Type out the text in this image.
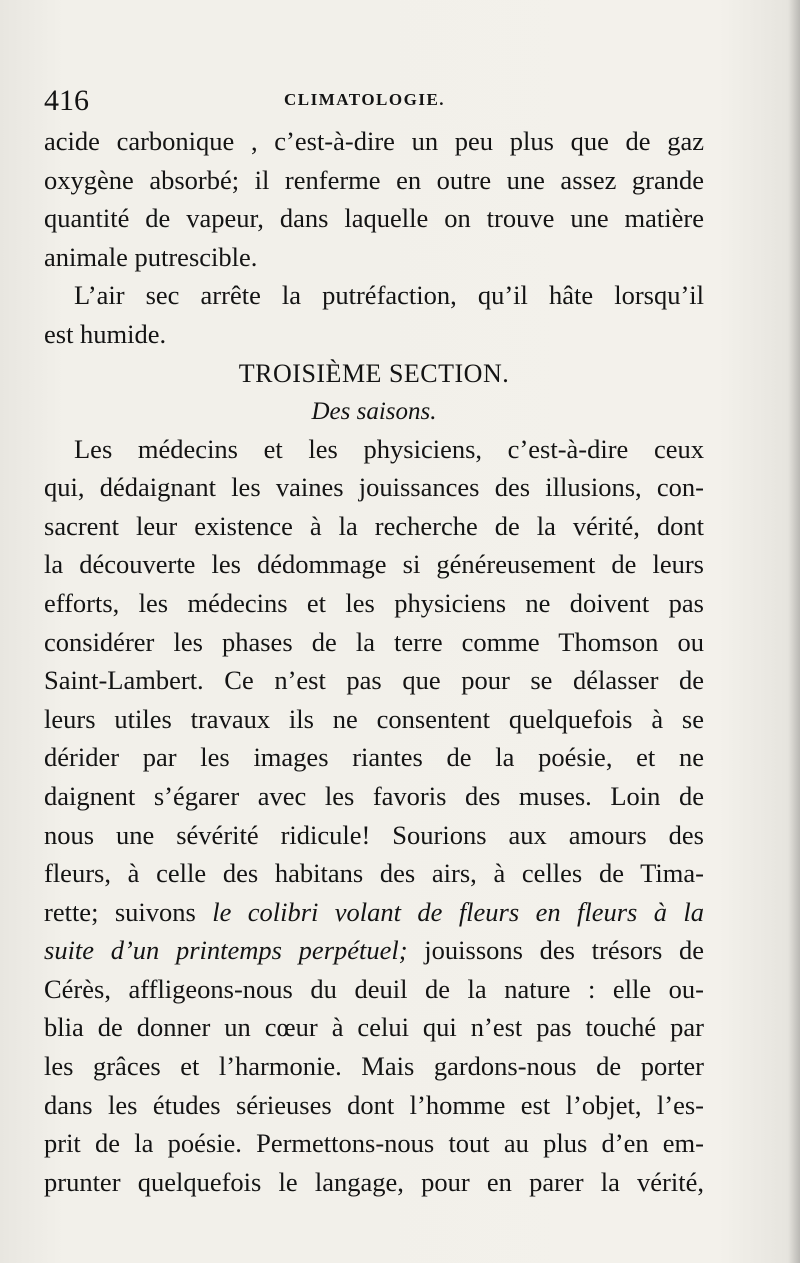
416	CLIMATOLOGIE.
acide carbonique , c’est-à-dire un peu plus que de gaz
oxygène absorbé; il renferme en outre une assez grande
quantité de vapeur, dans laquelle on trouve une matière
animale putrescible.
L’air sec arrête la putréfaction, qu’il hâte lorsqu’il
est humide.
TROISIÈME SECTION.
Des saisons.
Les médecins et les physiciens, c’est-à-dire ceux
qui, dédaignant les vaines jouissances des illusions, con-
sacrent leur existence à la recherche de la vérité, dont
la découverte les dédommage si généreusement de leurs
efforts, les médecins et les physiciens ne doivent pas
considérer les phases de la terre comme Thomson ou
Saint-Lambert. Ce n’est pas que pour se délasser de
leurs utiles travaux ils ne consentent quelquefois à se
dérider par les images riantes de la poésie, et ne
daignent s’égarer avec les favoris des muses. Loin de
nous une sévérité ridicule! Sourions aux amours des
fleurs, à celle des habitans des airs, à celles de Tima-
rette; suivons le colibri volant de fleurs en fleurs à la
suite d’un printemps perpétuel; jouissons des trésors de
Cérès, affligeons-nous du deuil de la nature : elle ou-
blia de donner un cœur à celui qui n’est pas touché par
les grâces et l’harmonie. Mais gardons-nous de porter
dans les études sérieuses dont l’homme est l’objet, l’es-
prit de la poésie. Permettons-nous tout au plus d’en em-
prunter quelquefois le langage, pour en parer la vérité,
